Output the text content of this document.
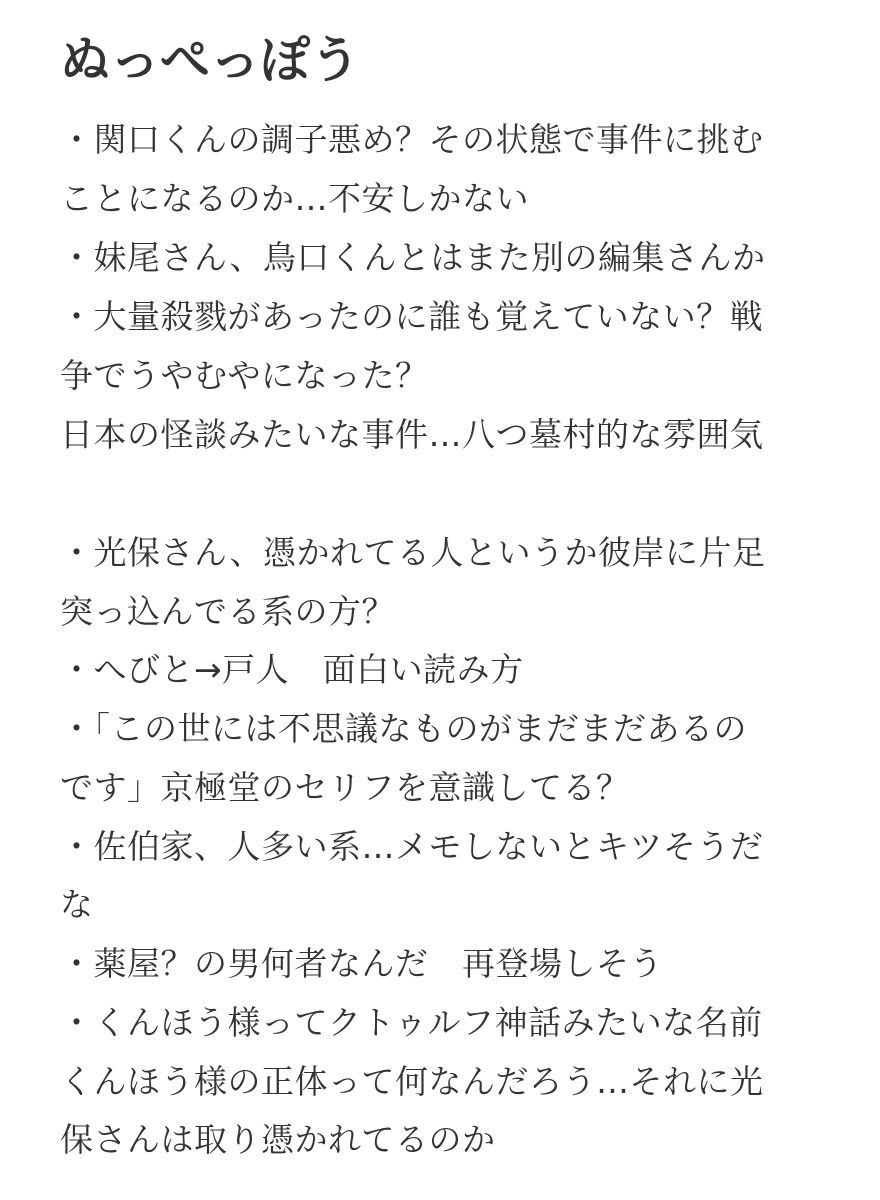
ぬっぺっぽう
・関口くんの調子悪め？その状態で事件に挑む
ことになるのか…不安しかない
・妹尾さん、鳥口くんとはまた別の編集さんか
・大量殺戮があったのに誰も覚えていない？戦
争でうやむやになった？
日本の怪談みたいな事件…八つ墓村的な雰囲気
・光保さん、憑かれてる人というか彼岸に片足
突っ込んでる系の方？
・へびと→戸人　面白い読み方
・「この世には不思議なものがまだまだあるの
です」京極堂のセリフを意識してる？
・佐伯家、人多い系…メモしないとキツそうだ
な
・薬屋？の男何者なんだ　再登場しそう
・くんほう様ってクトゥルフ神話みたいな名前
くんほう様の正体って何なんだろう…それに光
保さんは取り憑かれてるのか
